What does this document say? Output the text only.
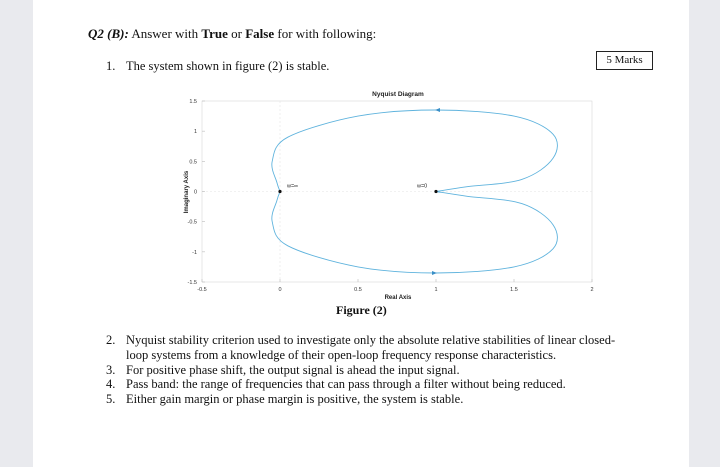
Q2 (B): Answer with True or False for with following:
5 Marks
1. The system shown in figure (2) is stable.
Nyquist Diagram
Real Axis
Imaginary Axis
-0.5	0	0.5	1	1.5	2
1.5
1
0.5
0
-0.5
-1
-1.5
w=∞	w=0
Figure (2)
2. Nyquist stability criterion used to investigate only the absolute relative stabilities of linear closed-loop systems from a knowledge of their open-loop frequency response characteristics.
3. For positive phase shift, the output signal is ahead the input signal.
4. Pass band: the range of frequencies that can pass through a filter without being reduced.
5. Either gain margin or phase margin is positive, the system is stable.
